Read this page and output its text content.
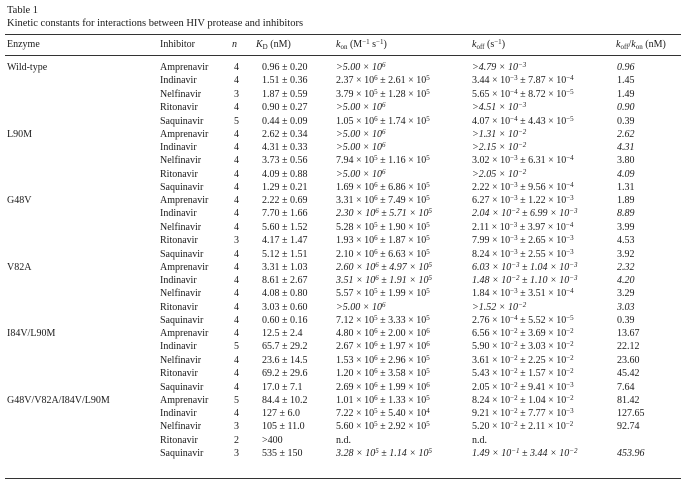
Table 1
Kinetic constants for interactions between HIV protease and inhibitors
Enzyme	Inhibitor	n $K_D$ (nM)	$k_{on}$ ($M^{-1}$ $s^{-1}$)	$k_{off}$ $(s^{-1})$	$k_{off}/k_{on}$ (nM)
Wild-type	Amprenavir	4 0.96 ± 0.20	$>5.00 \times 10^6$	$>4.79 \times 10^{-3}$	0.96
Indinavir	4 1.51 ± 0.36	$2.37 \times 10^6 \pm 2.61 \times 10^5$	$3.44 \times 10^{-3} \pm 7.87 \times 10^{-4}$	1.45
Nelfinavir	3 1.87 ± 0.59	$3.79 \times 10^5 \pm 1.28 \times 10^5$	$5.65 \times 10^{-4} \pm 8.72 \times 10^{-5}$	1.49
Ritonavir	4 0.90 ± 0.27	$>5.00 \times 10^6$	$>4.51 \times 10^{-3}$	0.90
Saquinavir	5 0.44 ± 0.09	$1.05 \times 10^6 \pm 1.74 \times 10^5$	$4.07 \times 10^{-4} \pm 4.43 \times 10^{-5}$	0.39
L90M	Amprenavir	4 2.62 ± 0.34	$>5.00 \times 10^6$	$>1.31 \times 10^{-2}$	2.62
Indinavir	4 4.31 ± 0.33	$>5.00 \times 10^6$	$>2.15 \times 10^{-2}$	4.31
Nelfinavir	4 3.73 ± 0.56	$7.94 \times 10^5 \pm 1.16 \times 10^5$	$3.02 \times 10^{-3} \pm 6.31 \times 10^{-4}$	3.80
Ritonavir	4 4.09 ± 0.88	$>5.00 \times 10^6$	$>2.05 \times 10^{-2}$	4.09
Saquinavir	4 1.29 ± 0.21	$1.69 \times 10^6 \pm 6.86 \times 10^5$	$2.22 \times 10^{-3} \pm 9.56 \times 10^{-4}$	1.31
G48V	Amprenavir	4 2.22 ± 0.69	$3.31 \times 10^6 \pm 7.49 \times 10^5$	$6.27 \times 10^{-3} \pm 1.22 \times 10^{-3}$	1.89
Indinavir	4 7.70 ± 1.66	$2.30 \times 10^6 \pm 5.71 \times 10^5$	$2.04 \times 10^{-2} \pm 6.99 \times 10^{-3}$	8.89
Nelfinavir	4 5.60 ± 1.52	$5.28 \times 10^5 \pm 1.90 \times 10^5$	$2.11 \times 10^{-3} \pm 3.97 \times 10^{-4}$	3.99
Ritonavir	3 4.17 ± 1.47	$1.93 \times 10^6 \pm 1.87 \times 10^5$	$7.99 \times 10^{-3} \pm 2.65 \times 10^{-3}$	4.53
Saquinavir	4 5.12 ± 1.51	$2.10 \times 10^6 \pm 6.63 \times 10^5$	$8.24 \times 10^{-3} \pm 2.55 \times 10^{-3}$	3.92
V82A	Amprenavir	4 3.31 ± 1.03	$2.60 \times 10^6 \pm 4.97 \times 10^5$	$6.03 \times 10^{-3} \pm 1.04 \times 10^{-3}$	2.32
Indinavir	4 8.61 ± 2.67	$3.51 \times 10^6 \pm 1.91 \times 10^5$	$1.48 \times 10^{-2} \pm 1.10 \times 10^{-3}$	4.20
Nelfinavir	4 4.08 ± 0.80	$5.57 \times 10^5 \pm 1.99 \times 10^5$	$1.84 \times 10^{-3} \pm 3.51 \times 10^{-4}$	3.29
Ritonavir	4 3.03 ± 0.60	$>5.00 \times 10^6$	$>1.52 \times 10^{-2}$	3.03
Saquinavir	4 0.60 ± 0.16	$7.12 \times 10^5 \pm 3.33 \times 10^5$	$2.76 \times 10^{-4} \pm 5.52 \times 10^{-5}$	0.39
I84V/L90M	Amprenavir	4 12.5 ± 2.4	$4.80 \times 10^6 \pm 2.00 \times 10^6$	$6.56 \times 10^{-2} \pm 3.69 \times 10^{-2}$	13.67
Indinavir	5 65.7 ± 29.2	$2.67 \times 10^6 \pm 1.97 \times 10^6$	$5.90 \times 10^{-2} \pm 3.03 \times 10^{-2}$	22.12
Nelfinavir	4 23.6 ± 14.5	$1.53 \times 10^6 \pm 2.96 \times 10^5$	$3.61 \times 10^{-2} \pm 2.25 \times 10^{-2}$	23.60
Ritonavir	4 69.2 ± 29.6	$1.20 \times 10^6 \pm 3.58 \times 10^5$	$5.43 \times 10^{-2} \pm 1.57 \times 10^{-2}$	45.42
Saquinavir	4 17.0 ± 7.1	$2.69 \times 10^6 \pm 1.99 \times 10^6$	$2.05 \times 10^{-2} \pm 9.41 \times 10^{-3}$	7.64
G48V/V82A/I84V/L90M	Amprenavir	5 84.4 ± 10.2	$1.01 \times 10^6 \pm 1.33 \times 10^5$	$8.24 \times 10^{-2} \pm 1.04 \times 10^{-2}$	81.42
Indinavir	4 127 ± 6.0	$7.22 \times 10^5 \pm 5.40 \times 10^4$	$9.21 \times 10^{-2} \pm 7.77 \times 10^{-3}$	127.65
Nelfinavir	3 105 ± 11.0	$5.60 \times 10^5 \pm 2.92 \times 10^5$	$5.20 \times 10^{-2} \pm 2.11 \times 10^{-2}$	92.74
Ritonavir	2 >400	n.d.	n.d.
Saquinavir	3 535 ± 150	$3.28 \times 10^5 \pm 1.14 \times 10^5$	$1.49 \times 10^{-1} \pm 3.44 \times 10^{-2}$	453.96
